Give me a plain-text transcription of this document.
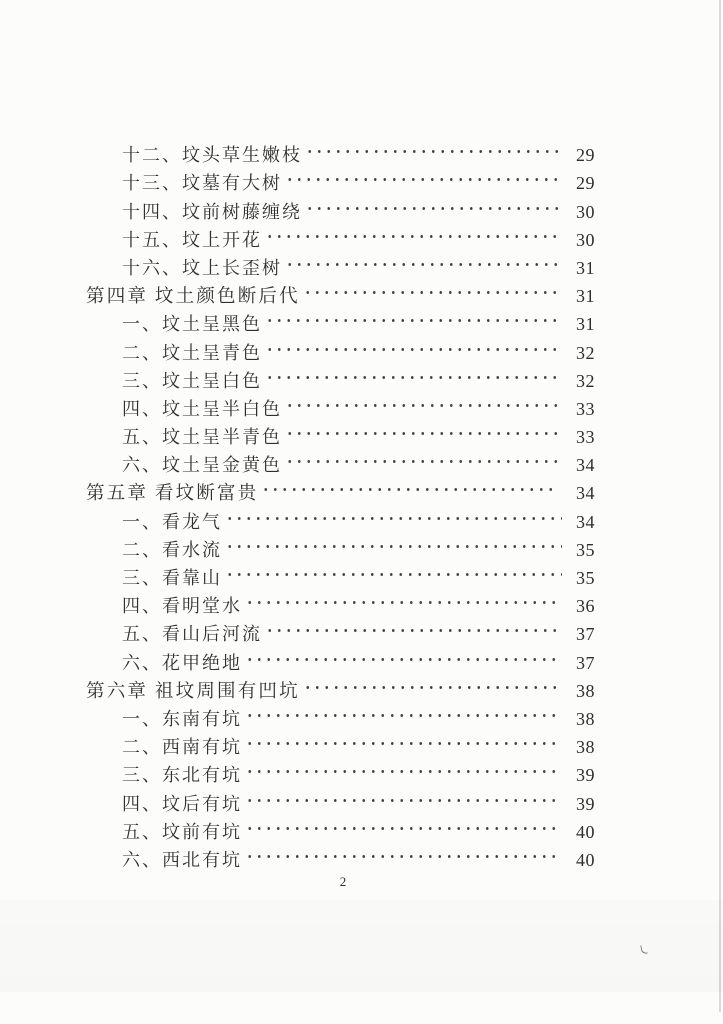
十二、坟头草生嫩枝	29
十三、坟墓有大树	29
十四、坟前树藤缠绕	30
十五、坟上开花	30
十六、坟上长歪树	31
第四章 坟土颜色断后代	31
一、坟土呈黑色	31
二、坟土呈青色	32
三、坟土呈白色	32
四、坟土呈半白色	33
五、坟土呈半青色	33
六、坟土呈金黄色	34
第五章 看坟断富贵	34
一、看龙气	34
二、看水流	35
三、看靠山	35
四、看明堂水	36
五、看山后河流	37
六、花甲绝地	37
第六章 祖坟周围有凹坑	38
一、东南有坑	38
二、西南有坑	38
三、东北有坑	39
四、坟后有坑	39
五、坟前有坑	40
六、西北有坑	40
2
